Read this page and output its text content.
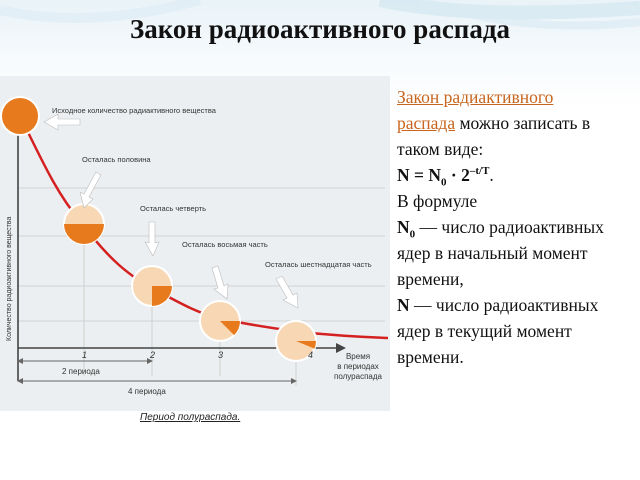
Закон радиоактивного распада
Исходное количество радиактивного вещества
Осталась половина
Осталась четверть
Осталась восьмая часть
Осталась шестнадцатая часть
Количество радиоактивного вещества
1	2	3	4	Время
в периодах
полураспада
2 периода
4 периода
Период полураспада.

Закон радиактивного
распада можно записать в таком виде:

$N = N_0 \cdot 2^{-t/T}$.

В формуле

$N_0$ — число радиоактивных ядер в начальный момент времени,

N — число радиоактивных ядер в текущий момент времени.
